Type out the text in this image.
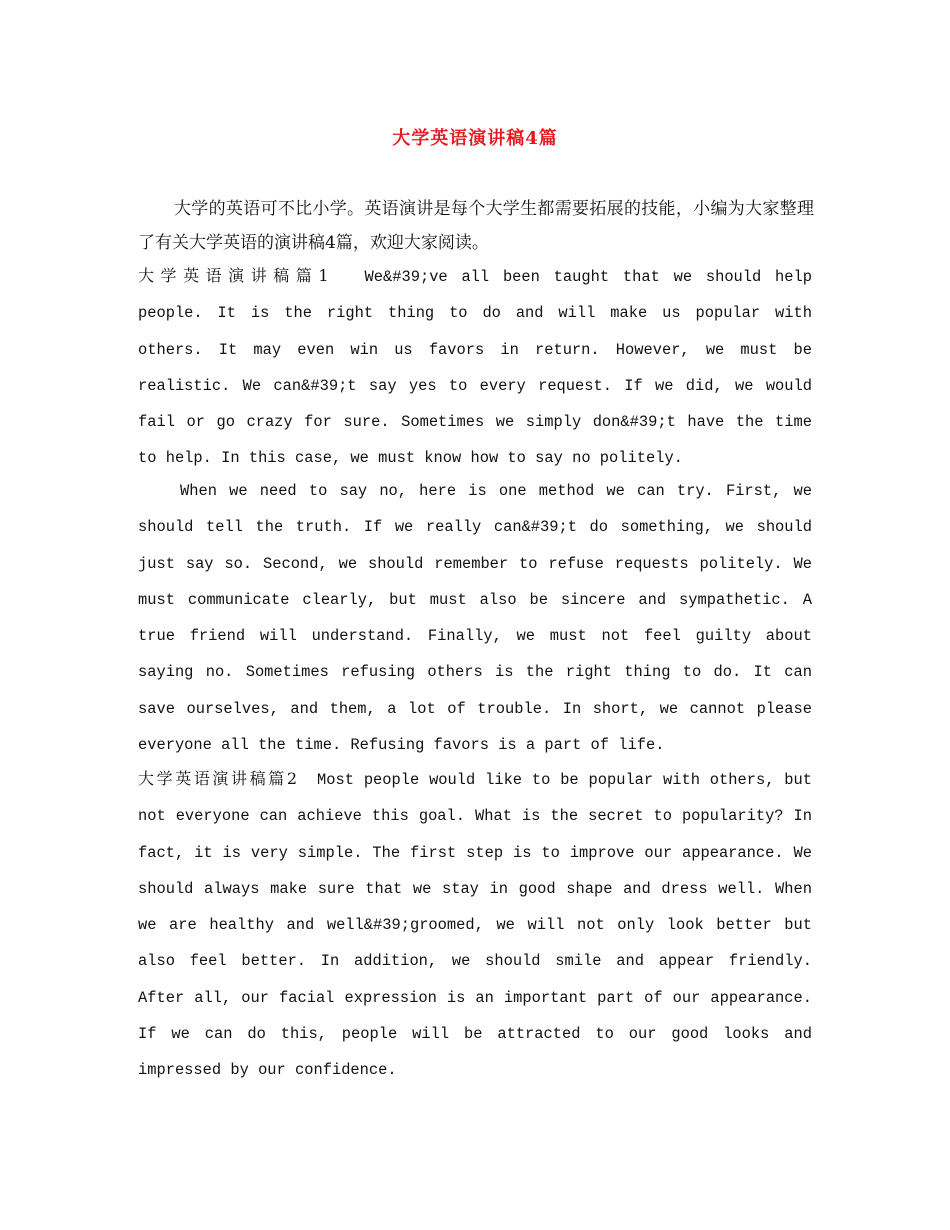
大学英语演讲稿4篇

大学的英语可不比小学。英语演讲是每个大学生都需要拓展的技能，小编为大家整理了有关大学英语的演讲稿4篇，欢迎大家阅读。

大学英语演讲稿篇1 We&#39;ve all been taught that we should help people. It is the right thing to do and will make us popular with others. It may even win us favors in return. However, we must be realistic. We can&#39;t say yes to every request. If we did, we would fail or go crazy for sure. Sometimes we simply don&#39;t have the time to help. In this case, we must know how to say no politely.

When we need to say no, here is one method we can try. First, we should tell the truth. If we really can&#39;t do something, we should just say so. Second, we should remember to refuse requests politely. We must communicate clearly, but must also be sincere and sympathetic. A true friend will understand. Finally, we must not feel guilty about saying no. Sometimes refusing others is the right thing to do. It can save ourselves, and them, a lot of trouble. In short, we cannot please everyone all the time. Refusing favors is a part of life.

大学英语演讲稿篇2 Most people would like to be popular with others, but not everyone can achieve this goal. What is the secret to popularity? In fact, it is very simple. The first step is to improve our appearance. We should always make sure that we stay in good shape and dress well. When we are healthy and well&#39;groomed, we will not only look better but also feel better. In addition, we should smile and appear friendly. After all, our facial expression is an important part of our appearance. If we can do this, people will be attracted to our good looks and impressed by our confidence.
